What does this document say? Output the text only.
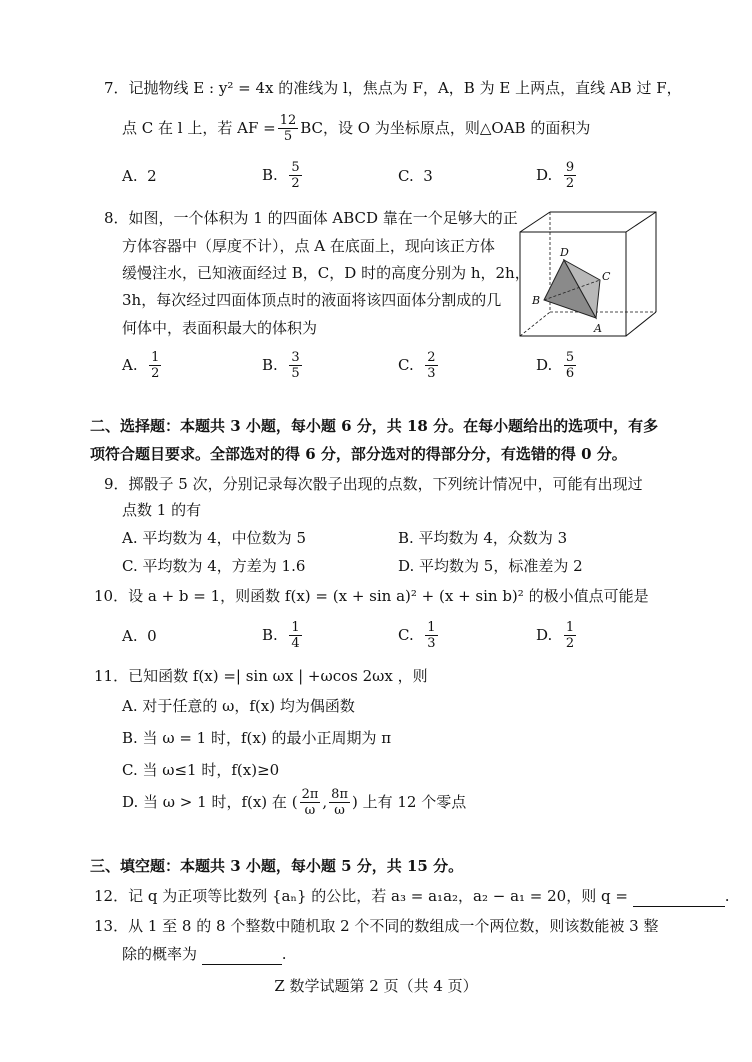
7．记抛物线 E : y² = 4x 的准线为 l，焦点为 F，A，B 为 E 上两点，直线 AB 过 F，
点 C 在 l 上，若 AF = $\frac{12}{5}$ BC，设 O 为坐标原点，则△OAB 的面积为
A. 2	B.
$\frac{5}{2}$	C. 3	D.
$\frac{9}{2}$
8．如图，一个体积为 1 的四面体 ABCD 靠在一个足够大的正
方体容器中（厚度不计），点 A 在底面上，现向该正方体
缓慢注水，已知液面经过 B，C，D 时的高度分别为 h，2h，
3h，每次经过四面体顶点时的液面将该四面体分割成的几
何体中，表面积最大的体积为
D
C
B
A
A.
$\frac{1}{2}$	B.
$\frac{3}{5}$	C.
$\frac{2}{3}$	D.
$\frac{5}{6}$
二、选择题：本题共 3 小题，每小题 6 分，共 18 分。在每小题给出的选项中，有多
项符合题目要求。全部选对的得 6 分，部分选对的得部分分，有选错的得 0 分。
9．掷骰子 5 次，分别记录每次骰子出现的点数，下列统计情况中，可能有出现过
点数 1 的有
A. 平均数为 4，中位数为 5	B. 平均数为 4，众数为 3
C. 平均数为 4，方差为 1.6	D. 平均数为 5，标准差为 2
10．设 a + b = 1，则函数 f(x) = (x + sin a)² + (x + sin b)² 的极小值点可能是
A. 0	B.
$\frac{1}{4}$	C.
$\frac{1}{3}$	D.
$\frac{1}{2}$
11．已知函数 f(x) =| sin ωx | +ωcos 2ωx ，则
A. 对于任意的 ω，f(x) 均为偶函数
B. 当 ω = 1 时，f(x) 的最小正周期为 π
C. 当 ω≤1 时，f(x)≥0
D. 当 ω > 1 时，f(x) 在 ( $\frac{2\pi}{\omega}$ , $\frac{8\pi}{\omega}$ ) 上有 12 个零点
三、填空题：本题共 3 小题，每小题 5 分，共 15 分。
12．记 q 为正项等比数列 {aₙ} 的公比，若 a₃ = a₁a₂，a₂ − a₁ = 20，则 q =	.
13．从 1 至 8 的 8 个整数中随机取 2 个不同的数组成一个两位数，则该数能被 3 整
除的概率为	.
Z 数学试题第 2 页（共 4 页）
